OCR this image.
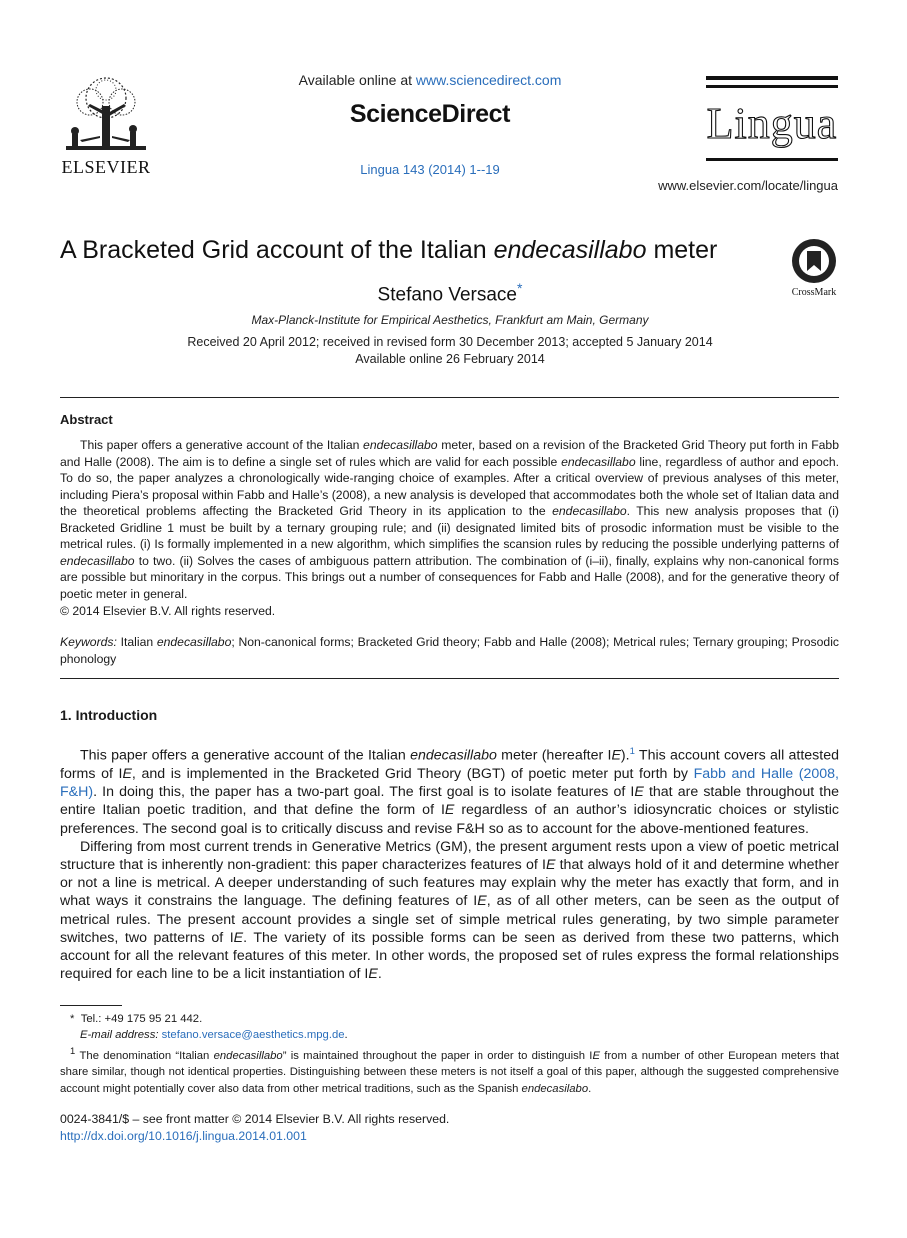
ELSEVIER
Available online at www.sciencedirect.com
ScienceDirect
Lingua 143 (2014) 1--19
Lingua
www.elsevier.com/locate/lingua
A Bracketed Grid account of the Italian endecasillabo meter
CrossMark
Stefano Versace*
Max-Planck-Institute for Empirical Aesthetics, Frankfurt am Main, Germany
Received 20 April 2012; received in revised form 30 December 2013; accepted 5 January 2014
Available online 26 February 2014
Abstract

This paper offers a generative account of the Italian endecasillabo meter, based on a revision of the Bracketed Grid Theory put forth in Fabb and Halle (2008). The aim is to define a single set of rules which are valid for each possible endecasillabo line, regardless of author and epoch. To do so, the paper analyzes a chronologically wide-ranging choice of examples. After a critical overview of previous analyses of this meter, including Piera’s proposal within Fabb and Halle’s (2008), a new analysis is developed that accommodates both the whole set of Italian data and the theoretical problems affecting the Bracketed Grid Theory in its application to the endecasillabo. This new analysis proposes that (i) Bracketed Gridline 1 must be built by a ternary grouping rule; and (ii) designated limited bits of prosodic information must be visible to the metrical rules. (i) Is formally implemented in a new algorithm, which simplifies the scansion rules by reducing the possible underlying patterns of endecasillabo to two. (ii) Solves the cases of ambiguous pattern attribution. The combination of (i–ii), finally, explains why non-canonical forms are possible but minoritary in the corpus. This brings out a number of consequences for Fabb and Halle (2008), and for the generative theory of poetic meter in general.

© 2014 Elsevier B.V. All rights reserved.
Keywords: Italian endecasillabo; Non-canonical forms; Bracketed Grid theory; Fabb and Halle (2008); Metrical rules; Ternary grouping; Prosodic phonology
1. Introduction

This paper offers a generative account of the Italian endecasillabo meter (hereafter IE).$^1$ This account covers all attested forms of IE, and is implemented in the Bracketed Grid Theory (BGT) of poetic meter put forth by Fabb and Halle (2008, F&H). In doing this, the paper has a two-part goal. The first goal is to isolate features of IE that are stable throughout the entire Italian poetic tradition, and that define the form of IE regardless of an author’s idiosyncratic choices or stylistic preferences. The second goal is to critically discuss and revise F&H so as to account for the above-mentioned features.

Differing from most current trends in Generative Metrics (GM), the present argument rests upon a view of poetic metrical structure that is inherently non-gradient: this paper characterizes features of IE that always hold of it and determine whether or not a line is metrical. A deeper understanding of such features may explain why the meter has exactly that form, and in what ways it constrains the language. The defining features of IE, as of all other meters, can be seen as the output of metrical rules. The present account provides a single set of simple metrical rules generating, by two simple parameter switches, two patterns of IE. The variety of its possible forms can be seen as derived from these two patterns, which account for all the relevant features of this meter. In other words, the proposed set of rules express the formal relationships required for each line to be a licit instantiation of IE.

* Tel.: +49 175 95 21 442.

E-mail address: stefano.versace@aesthetics.mpg.de.

$^1$ The denomination “Italian endecasillabo” is maintained throughout the paper in order to distinguish IE from a number of other European meters that share similar, though not identical properties. Distinguishing between these meters is not itself a goal of this paper, although the suggested comprehensive account might potentially cover also data from other metrical traditions, such as the Spanish endecasilabo.

0024-3841/$ – see front matter © 2014 Elsevier B.V. All rights reserved.
http://dx.doi.org/10.1016/j.lingua.2014.01.001
